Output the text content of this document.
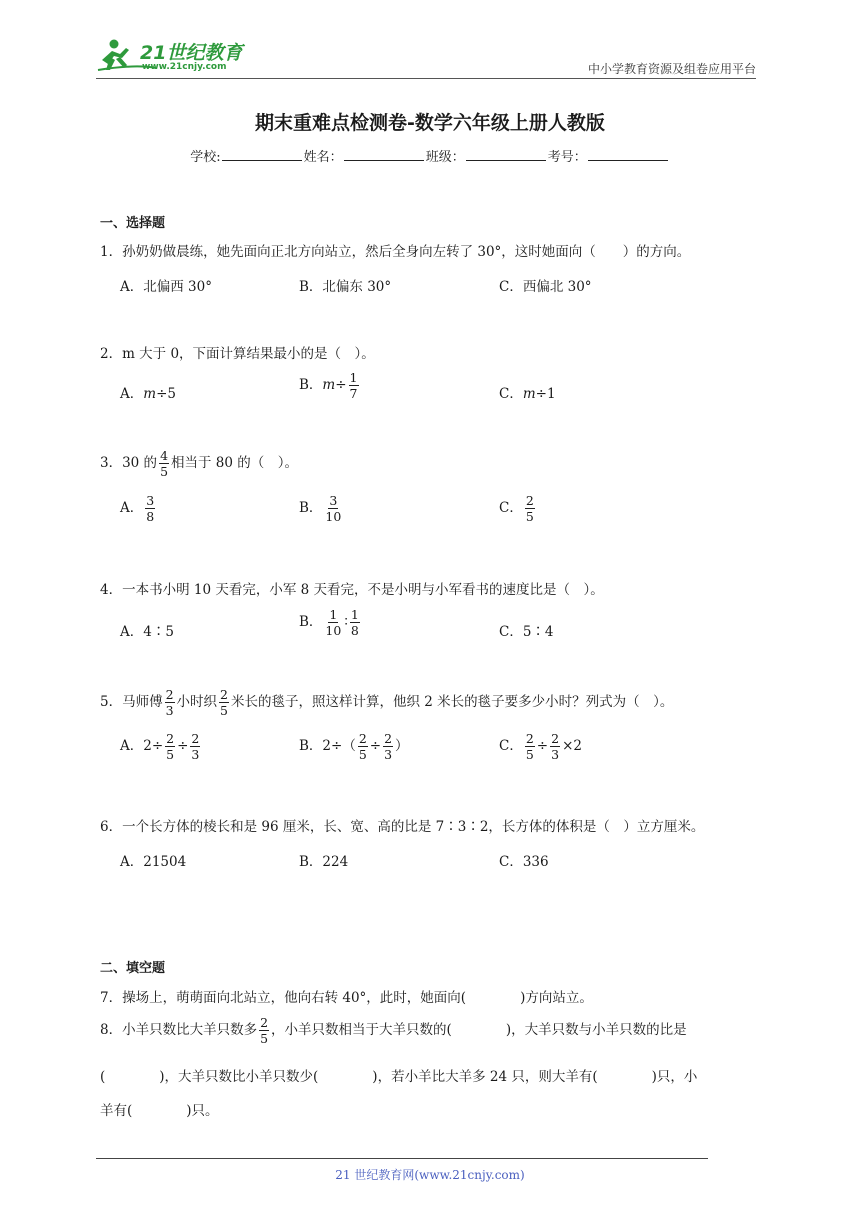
21世纪教育
www.21cnjy.com	中小学教育资源及组卷应用平台
期末重难点检测卷-数学六年级上册人教版
学校:	姓名：	班级：	考号：
一、选择题
1．孙奶奶做晨练，她先面向正北方向站立，然后全身向左转了 30°，这时她面向（　　）的方向。
A．北偏西 30°	B．北偏东 30°	C．西偏北 30°
2．m 大于 0，下面计算结果最小的是（　）。
A．m÷5
B．$m\div \frac{1}{7}$	C．m÷1
3．30 的 $\frac{4}{5}$ 相当于 80 的（　）。
A． $\frac{3}{8}$	B． $\frac{3}{10}$	C． $\frac{2}{5}$
4．一本书小明 10 天看完，小军 8 天看完，不是小明与小军看书的速度比是（　）。
A．4∶5
B． $\frac{1}{10}$ ∶ $\frac{1}{8}$	C．5∶4
5．马师傅 $\frac{2}{3}$ 小时织 $\frac{2}{5}$ 米长的毯子，照这样计算，他织 2 米长的毯子要多少小时？列式为（　）。
A．$2\div \frac{2}{5} \div \frac{2}{3}$	B．$2\div( \frac{2}{5} \div \frac{2}{3}$ ）	C． $\frac{2}{5} \div \frac{2}{3} \times 2$
6．一个长方体的棱长和是 96 厘米，长、宽、高的比是 7∶3∶2，长方体的体积是（　）立方厘米。
A．21504	B．224	C．336
二、填空题
7．操场上，萌萌面向北站立，他向右转 40°，此时，她面向(　　　　)方向站立。
8．小羊只数比大羊只数多 $\frac{2}{5}$ ，小羊只数相当于大羊只数的(　　　　)，大羊只数与小羊只数的比是
(　　　　)，大羊只数比小羊只数少(　　　　)，若小羊比大羊多 24 只，则大羊有(　　　　)只，小
羊有(　　　　)只。
21 世纪教育网(www.21cnjy.com)
